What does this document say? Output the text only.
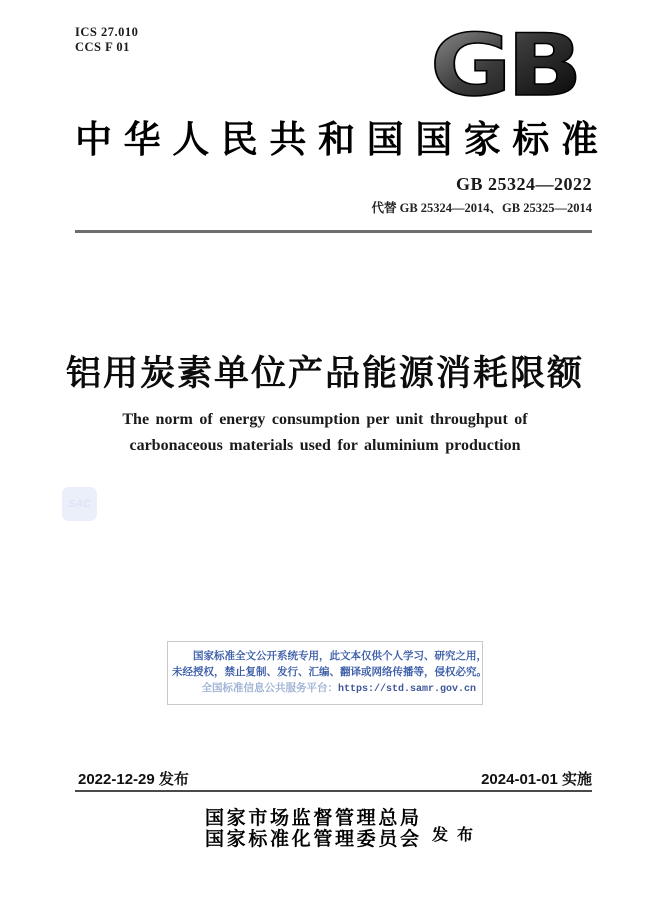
ICS 27.010
CCS F 01	GB
中华人民共和国国家标准
GB 25324—2022
代替 GB 25324—2014、GB 25325—2014
铝用炭素单位产品能源消耗限额
The norm of energy consumption per unit throughput of
carbonaceous materials used for aluminium production
SAC
国家标准全文公开系统专用，此文本仅供个人学习、研究之用，
未经授权，禁止复制、发行、汇编、翻译或网络传播等，侵权必究。
全国标准信息公共服务平台：https://std.samr.gov.cn
2022-12-29 发布	2024-01-01 实施
国家市场监督管理总局
国家标准化管理委员会 发布
